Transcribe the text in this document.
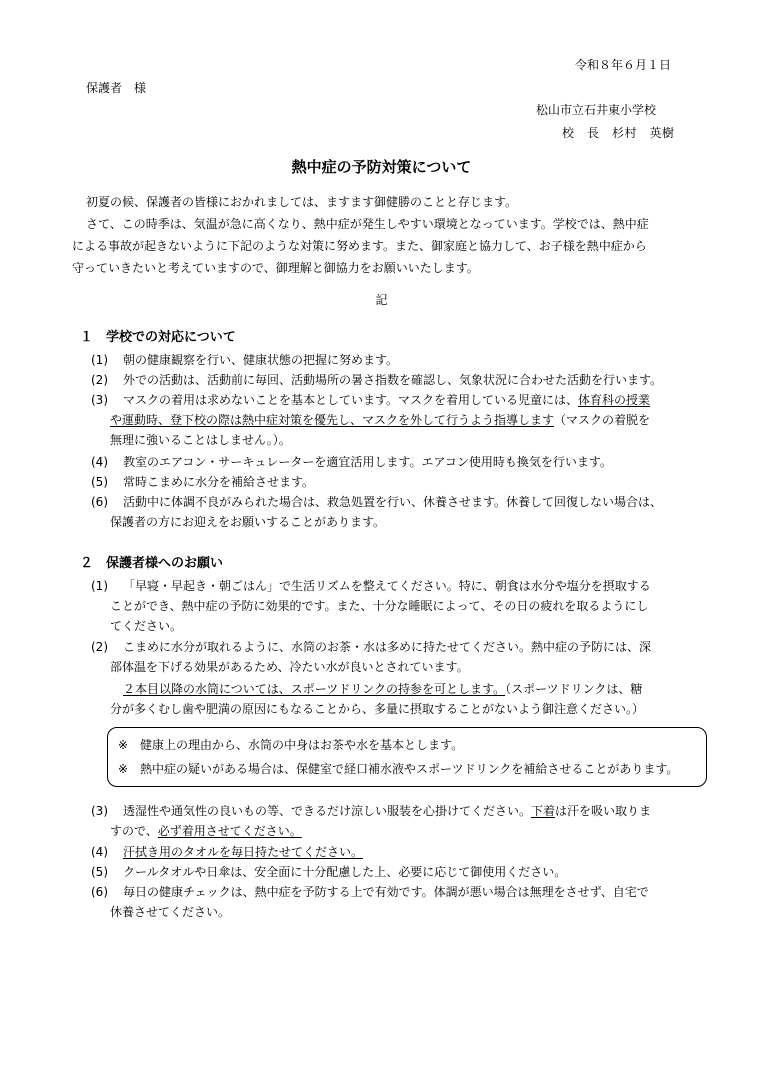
令和８年６月１日
保護者　様
松山市立石井東小学校
校　長　杉村　英樹
熱中症の予防対策について
初夏の候、保護者の皆様におかれましては、ますます御健勝のことと存じます。
さて、この時季は、気温が急に高くなり、熱中症が発生しやすい環境となっています。学校では、熱中症
による事故が起きないように下記のような対策に努めます。また、御家庭と協力して、お子様を熱中症から
守っていきたいと考えていますので、御理解と御協力をお願いいたします。
記
１　学校での対応について
(1) 朝の健康観察を行い、健康状態の把握に努めます。
(2) 外での活動は、活動前に毎回、活動場所の暑さ指数を確認し、気象状況に合わせた活動を行います。
(3) マスクの着用は求めないことを基本としています。マスクを着用している児童には、体育科の授業
や運動時、登下校の際は熱中症対策を優先し、マスクを外して行うよう指導します（マスクの着脱を
無理に強いることはしません。）。
(4) 教室のエアコン・サーキュレーターを適宜活用します。エアコン使用時も換気を行います。
(5) 常時こまめに水分を補給させます。
(6) 活動中に体調不良がみられた場合は、救急処置を行い、休養させます。休養して回復しない場合は、
保護者の方にお迎えをお願いすることがあります。
２　保護者様へのお願い
(1) 「早寝・早起き・朝ごはん」で生活リズムを整えてください。特に、朝食は水分や塩分を摂取する
ことができ、熱中症の予防に効果的です。また、十分な睡眠によって、その日の疲れを取るようにし
てください。
(2) こまめに水分が取れるように、水筒のお茶・水は多めに持たせてください。熱中症の予防には、深
部体温を下げる効果があるため、冷たい水が良いとされています。
２本目以降の水筒については、スポーツドリンクの持参を可とします。（スポーツドリンクは、糖
分が多くむし歯や肥満の原因にもなることから、多量に摂取することがないよう御注意ください。）
※　健康上の理由から、水筒の中身はお茶や水を基本とします。
※　熱中症の疑いがある場合は、保健室で経口補水液やスポーツドリンクを補給させることがあります。
(3) 透湿性や通気性の良いもの等、できるだけ涼しい服装を心掛けてください。下着は汗を吸い取りま
すので、必ず着用させてください。
(4) 汗拭き用のタオルを毎日持たせてください。
(5) クールタオルや日傘は、安全面に十分配慮した上、必要に応じて御使用ください。
(6) 毎日の健康チェックは、熱中症を予防する上で有効です。体調が悪い場合は無理をさせず、自宅で
休養させてください。
